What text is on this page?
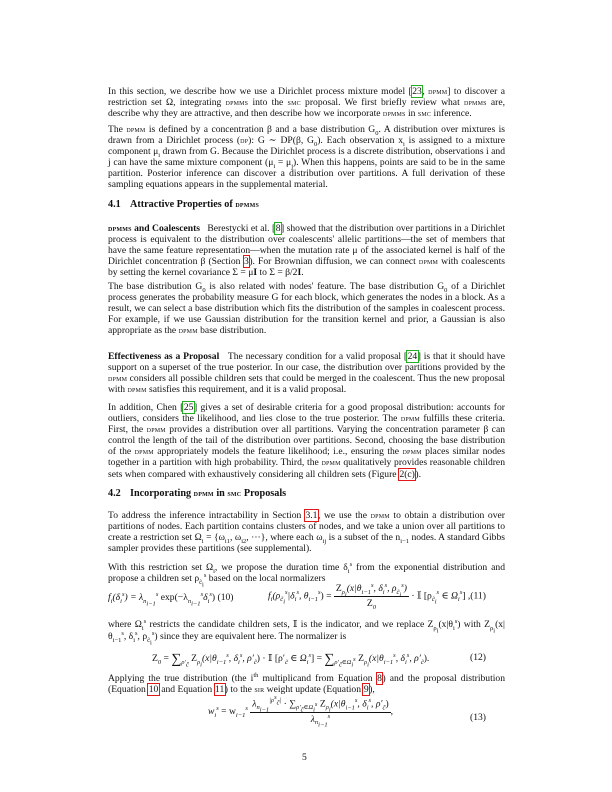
In this section, we describe how we use a Dirichlet process mixture model [23, dpmm] to discover a restriction set Ω, integrating dpmms into the smc proposal. We first briefly review what dpmms are, describe why they are attractive, and then describe how we incorporate dpmms in smc inference.

The dpmm is defined by a concentration β and a base distribution $G_0$. A distribution over mixtures is drawn from a Dirichlet process (dp): G ∼ DP(β, $G_0$). Each observation $x_i$ is assigned to a mixture component $\mu_i$ drawn from G. Because the Dirichlet process is a discrete distribution, observations i and j can have the same mixture component $(\mu_i = \mu_j)$. When this happens, points are said to be in the same partition. Posterior inference can discover a distribution over partitions. A full derivation of these sampling equations appears in the supplemental material.

4.1 Attractive Properties of dpmms

dpmms and Coalescents Berestycki et al. [8] showed that the distribution over partitions in a Dirichlet process is equivalent to the distribution over coalescents' allelic partitions—the set of members that have the same feature representation—when the mutation rate μ of the associated kernel is half of the Dirichlet concentration β (Section 3). For Brownian diffusion, we can connect dpmm with coalescents by setting the kernel covariance Σ = μI to Σ = β/2I.

The base distribution $G_0$ is also related with nodes' feature. The base distribution $G_0$ of a Dirichlet process generates the probability measure G for each block, which generates the nodes in a block. As a result, we can select a base distribution which fits the distribution of the samples in coalescent process. For example, if we use Gaussian distribution for the transition kernel and prior, a Gaussian is also appropriate as the dpmm base distribution.

Effectiveness as a Proposal The necessary condition for a valid proposal [24] is that it should have support on a superset of the true posterior. In our case, the distribution over partitions provided by the dpmm considers all possible children sets that could be merged in the coalescent. Thus the new proposal with dpmm satisfies this requirement, and it is a valid proposal.

In addition, Chen [25] gives a set of desirable criteria for a good proposal distribution: accounts for outliers, considers the likelihood, and lies close to the true posterior. The dpmm fulfills these criteria. First, the dpmm provides a distribution over all partitions. Varying the concentration parameter β can control the length of the tail of the distribution over partitions. Second, choosing the base distribution of the dpmm appropriately models the feature likelihood; i.e., ensuring the dpmm places similar nodes together in a partition with high probability. Third, the dpmm qualitatively provides reasonable children sets when compared with exhaustively considering all children sets (Figure 2(c)).

4.2 Incorporating dpmm in smc Proposals

To address the inference intractability in Section 3.1, we use the dpmm to obtain a distribution over partitions of nodes. Each partition contains clusters of nodes, and we take a union over all partitions to create a restriction set $\Omega_i = \{\omega_{i1}$, $\omega_{i2}$, ···}, where each $\omega_{ij}$ is a subset of the $n_{i-1}$ nodes. A standard Gibbs sampler provides these partitions (see supplemental).

With this restriction set $\Omega_i$, we propose the duration time $\delta_i^s$ from the exponential distribution and propose a children set $\rho_{c̃_i}^s$ based on the local normalizers

$f_i(\delta_i^s) = \lambda_{n_{i-1}}^s$ $\exp(-\lambda_{n_{i-1}}^s\delta_i^s)$ (10)	$f_i(\rho_{c̃_i}^s|\delta_i^s$, $\theta_{i-1}^s) = \frac{Z_{\rho_i}(x|\theta_{i-1}^s, \delta_i^s, \rho_{c̃_i}^s)}{Z_0}$ · 𝕀 [$\rho_{c̃_i}^s$ ∈ $\Omega_i^s$] ,(11)

where $\Omega_i^s$ restricts the candidate children sets, 𝕀 is the indicator, and we replace $Z_{\rho_i}(x|\theta_i^s)$ with $Z_{\rho_i}(x|\theta_{i-1}^s$, $\delta_i^s$, $\rho_{c̃_i}^s$) since they are equivalent here. The normalizer is

$Z_0 = \sum_{\rho'_{c̃}}$ $Z_{\rho_i}(x|\theta_{i-1}^s$, $\delta_i^s$, $\rho'_{c̃}$) · 𝕀 [$\rho'_{c̃}$ ∈ $\Omega_i^s] = \sum_{\rho'_{c̃}\in\Omega_i^s}$ $Z_{\rho_i}(x|\theta_{i-1}^s$, $\delta_i^s$, $\rho'_{c̃}$).	(12)

Applying the true distribution (the $i^{th}$ multiplicand from Equation 8) and the proposal distribution (Equation 10 and Equation 11) to the sir weight update (Equation 9),

$w_i^s = w_{i-1}^s \frac{\lambda_{n_{i-1}}^{|\rho^s_{c̃}|} \cdot \sum_{\rho'_{c̃}\in\Omega_i^s} Z_{\rho_i}(x|\theta_{i-1}^s, \delta_i^s, \rho'_{c̃})}{\lambda_{n_{i-1}}^s}$ ,
(13)
5
